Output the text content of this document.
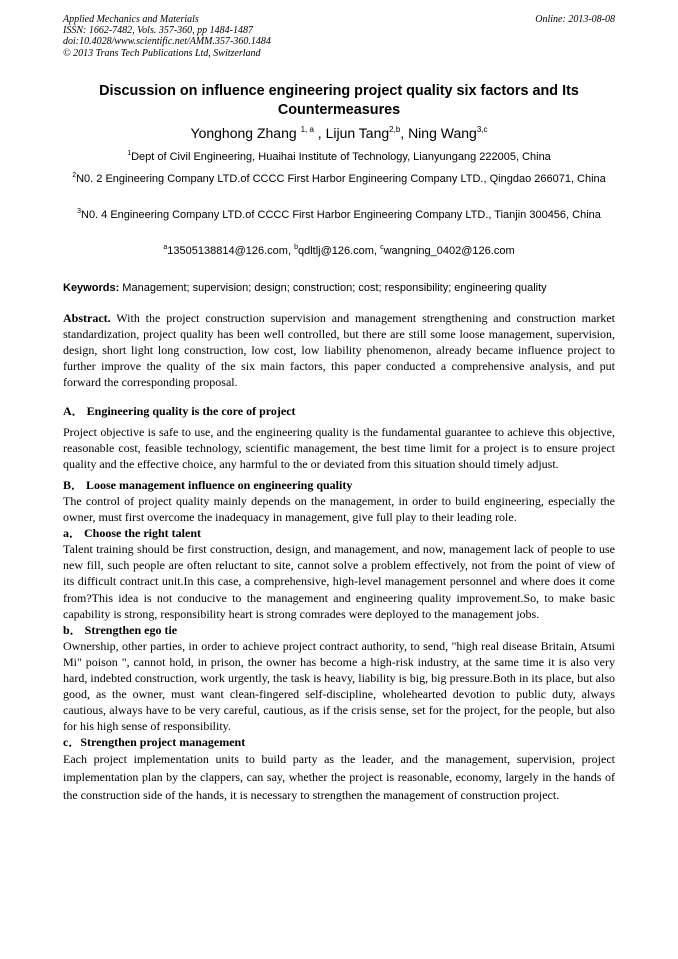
Applied Mechanics and Materials
ISSN: 1662-7482, Vols. 357-360, pp 1484-1487
doi:10.4028/www.scientific.net/AMM.357-360.1484
© 2013 Trans Tech Publications Ltd, Switzerland
Online: 2013-08-08
Discussion on influence engineering project quality six factors and Its Countermeasures
Yonghong Zhang $^{1, a}$ , Lijun Tang$^{2,b}$, Ning Wang$^{3,c}$
$^1$Dept of Civil Engineering, Huaihai Institute of Technology, Lianyungang 222005, China
$^2$N0. 2 Engineering Company LTD.of CCCC First Harbor Engineering Company LTD., Qingdao 266071, China
$^3$N0. 4 Engineering Company LTD.of CCCC First Harbor Engineering Company LTD., Tianjin 300456, China
$^a$13505138814@126.com, $^b$qdltlj@126.com, $^c$wangning_0402@126.com
Keywords: Management; supervision; design; construction; cost; responsibility; engineering quality

Abstract. With the project construction supervision and management strengthening and construction market standardization, project quality has been well controlled, but there are still some loose management, supervision, design, short light long construction, low cost, low liability phenomenon, already became influence project to further improve the quality of the six main factors, this paper conducted a comprehensive analysis, and put forward the corresponding proposal.

A． Engineering quality is the core of project

Project objective is safe to use, and the engineering quality is the fundamental guarantee to achieve this objective, reasonable cost, feasible technology, scientific management, the best time limit for a project is to ensure project quality and the effective choice, any harmful to the or deviated from this situation should timely adjust.

B． Loose management influence on engineering quality

The control of project quality mainly depends on the management, in order to build engineering, especially the owner, must first overcome the inadequacy in management, give full play to their leading role.

a． Choose the right talent

Talent training should be first construction, design, and management, and now, management lack of people to use new fill, such people are often reluctant to site, cannot solve a problem effectively, not from the point of view of its difficult contract unit.In this case, a comprehensive, high-level management personnel and where does it come from?This idea is not conducive to the management and engineering quality improvement.So, to make basic capability is strong, responsibility heart is strong comrades were deployed to the management jobs.

b． Strengthen ego tie

Ownership, other parties, in order to achieve project contract authority, to send, "high real disease Britain, Atsumi Mi" poison ", cannot hold, in prison, the owner has become a high-risk industry, at the same time it is also very hard, indebted construction, work urgently, the task is heavy, liability is big, big pressure.Both in its place, but also good, as the owner, must want clean-fingered self-discipline, wholehearted devotion to public duty, always cautious, always have to be very careful, cautious, as if the crisis sense, set for the project, for the people, but also for his high sense of responsibility.

c．Strengthen project management

Each project implementation units to build party as the leader, and the management, supervision, project implementation plan by the clappers, can say, whether the project is reasonable, economy, largely in the hands of the construction side of the hands, it is necessary to strengthen the management of construction project.
